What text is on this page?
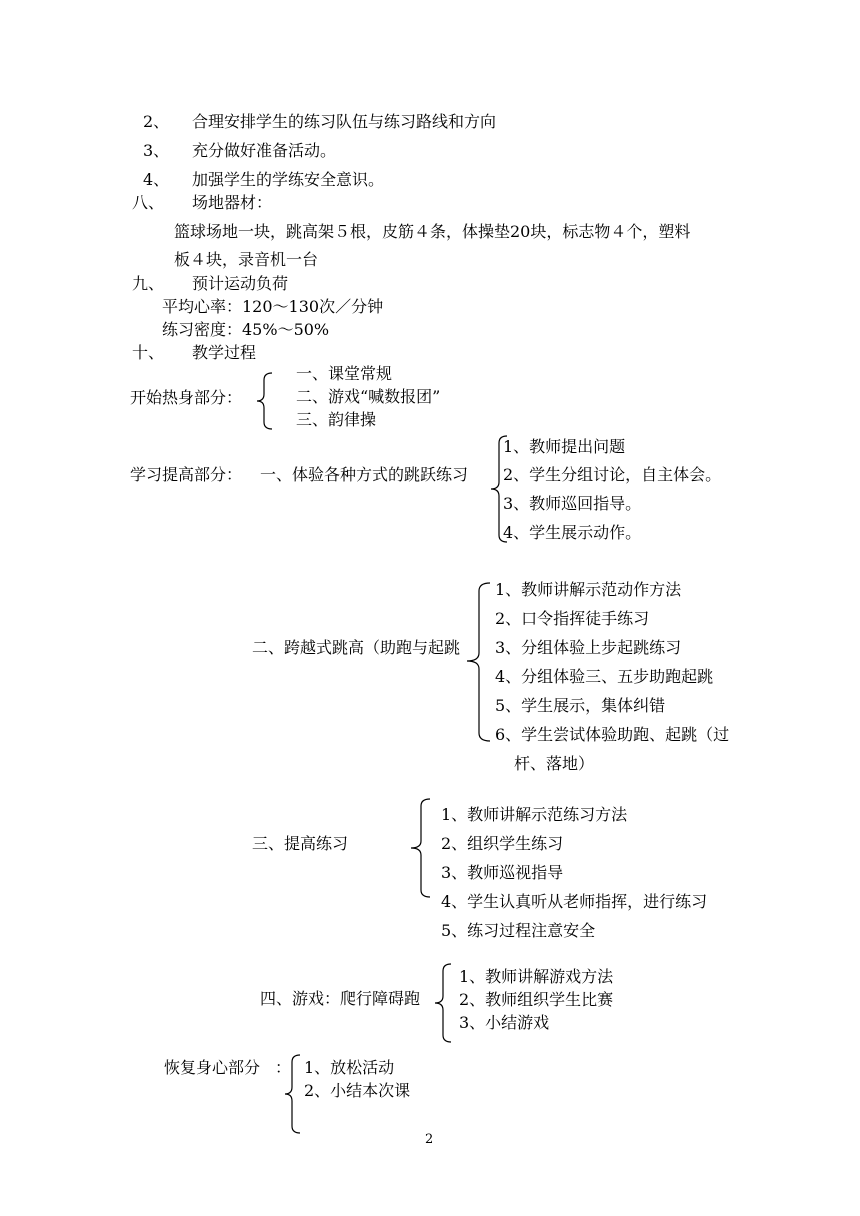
2、 合理安排学生的练习队伍与练习路线和方向
3、 充分做好准备活动。
4、 加强学生的学练安全意识。
八、 场地器材：
篮球场地一块，跳高架５根，皮筋４条，体操垫20块，标志物４个，塑料
板４块，录音机一台
九、 预计运动负荷
平均心率：120～130次／分钟
练习密度：45%～50%
十、 教学过程
开始热身部分：
一、课堂常规
二、游戏“喊数报团”
三、韵律操
学习提高部分： 一、体验各种方式的跳跃练习
1、教师提出问题
2、学生分组讨论，自主体会。
3、教师巡回指导。
4、学生展示动作。
二、跨越式跳高（助跑与起跳
1、教师讲解示范动作方法
2、口令指挥徒手练习
3、分组体验上步起跳练习
4、分组体验三、五步助跑起跳
5、学生展示，集体纠错
6、学生尝试体验助跑、起跳（过
杆、落地）
三、提高练习
1、教师讲解示范练习方法
2、组织学生练习
3、教师巡视指导
4、学生认真听从老师指挥，进行练习
5、练习过程注意安全
四、游戏：爬行障碍跑
1、教师讲解游戏方法
2、教师组织学生比赛
3、小结游戏
恢复身心部分 ： 1、放松活动
2、小结本次课
2
